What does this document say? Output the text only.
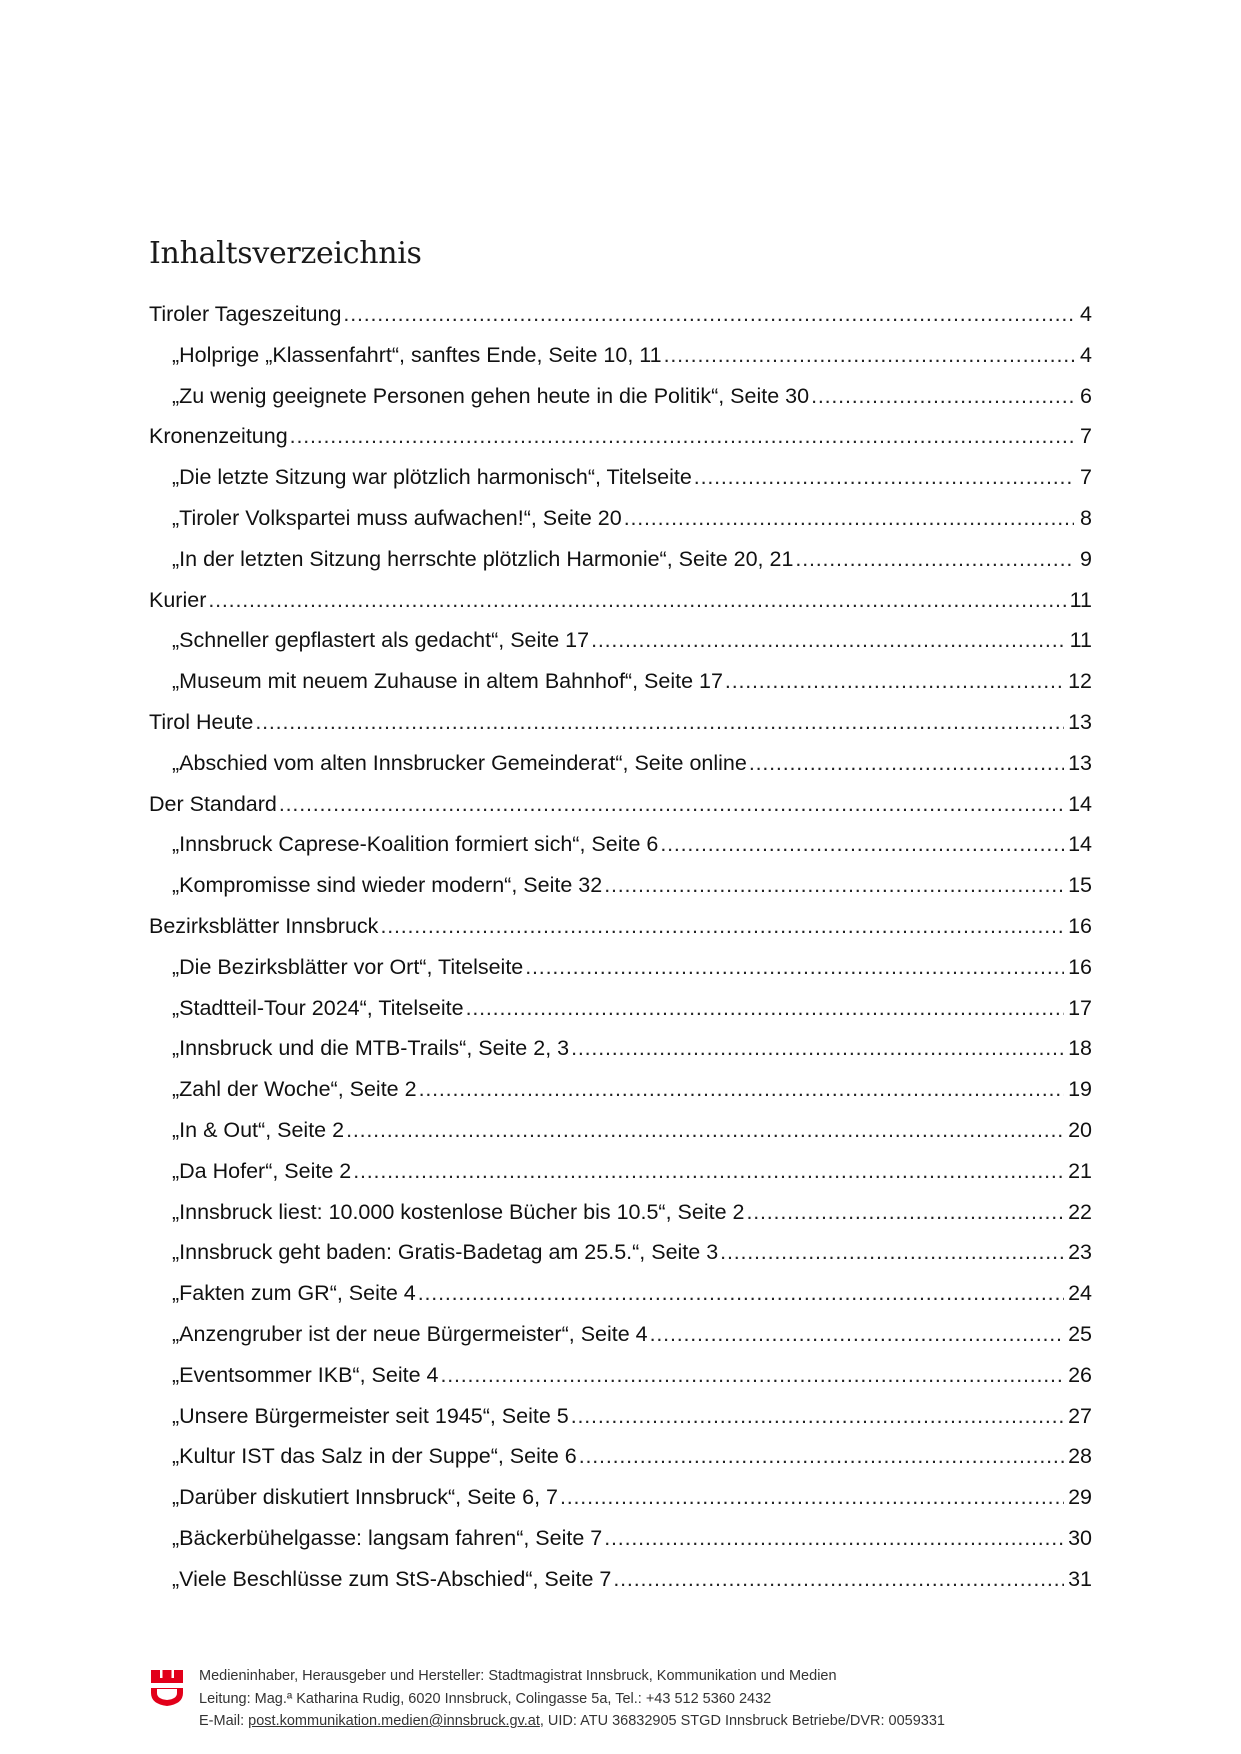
Inhaltsverzeichnis
Tiroler Tageszeitung .....	4
„Holprige „Klassenfahrt“, sanftes Ende, Seite 10, 11 .....	4
„Zu wenig geeignete Personen gehen heute in die Politik“, Seite 30 .....	6
Kronenzeitung .....	7
„Die letzte Sitzung war plötzlich harmonisch“, Titelseite .....	7
„Tiroler Volkspartei muss aufwachen!“, Seite 20 .....	8
„In der letzten Sitzung herrschte plötzlich Harmonie“, Seite 20, 21 .....	9
Kurier .....	11
„Schneller gepflastert als gedacht“, Seite 17 .....	11
„Museum mit neuem Zuhause in altem Bahnhof“, Seite 17 .....	12
Tirol Heute .....	13
„Abschied vom alten Innsbrucker Gemeinderat“, Seite online .....	13
Der Standard .....	14
„Innsbruck Caprese-Koalition formiert sich“, Seite 6 .....	14
„Kompromisse sind wieder modern“, Seite 32 .....	15
Bezirksblätter Innsbruck .....	16
„Die Bezirksblätter vor Ort“, Titelseite .....	16
„Stadtteil-Tour 2024“, Titelseite .....	17
„Innsbruck und die MTB-Trails“, Seite 2, 3 .....	18
„Zahl der Woche“, Seite 2 .....	19
„In & Out“, Seite 2 .....	20
„Da Hofer“, Seite 2 .....	21
„Innsbruck liest: 10.000 kostenlose Bücher bis 10.5“, Seite 2 .....	22
„Innsbruck geht baden: Gratis-Badetag am 25.5.“, Seite 3 .....	23
„Fakten zum GR“, Seite 4 .....	24
„Anzengruber ist der neue Bürgermeister“, Seite 4 .....	25
„Eventsommer IKB“, Seite 4 .....	26
„Unsere Bürgermeister seit 1945“, Seite 5 .....	27
„Kultur IST das Salz in der Suppe“, Seite 6 .....	28
„Darüber diskutiert Innsbruck“, Seite 6, 7 .....	29
„Bäckerbühelgasse: langsam fahren“, Seite 7 .....	30
„Viele Beschlüsse zum StS-Abschied“, Seite 7 .....	31
Medieninhaber, Herausgeber und Hersteller: Stadtmagistrat Innsbruck, Kommunikation und Medien
Leitung: Mag.ª Katharina Rudig, 6020 Innsbruck, Colingasse 5a, Tel.: +43 512 5360 2432
E-Mail: post.kommunikation.medien@innsbruck.gv.at, UID: ATU 36832905 STGD Innsbruck Betriebe/DVR: 0059331
